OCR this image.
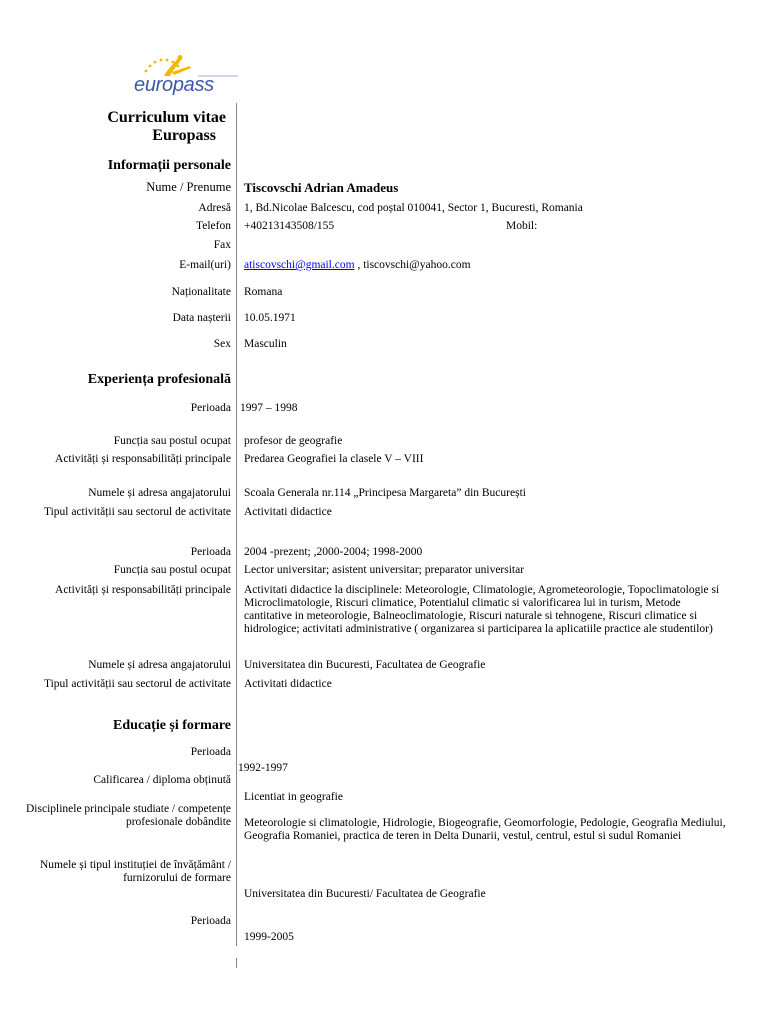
europass
Curriculum vitae
Europass
Informații personale
Nume / Prenume Tiscovschi Adrian Amadeus
Adresă 1, Bd.Nicolae Balcescu, cod poștal 010041, Sector 1, Bucuresti, Romania
Telefon +40213143508/155	Mobil:
Fax
E-mail(uri) atiscovschi@gmail.com , tiscovschi@yahoo.com
Naționalitate Romana
Data nașterii 10.05.1971
Sex Masculin
Experiența profesională
Perioada 1997 – 1998
Funcția sau postul ocupat profesor de geografie
Activități și responsabilități principale Predarea Geografiei la clasele V – VIII
Numele și adresa angajatorului Scoala Generala nr.114 „Principesa Margareta” din București
Tipul activității sau sectorul de activitate Activitati didactice
Perioada 2004 -prezent; ,2000-2004; 1998-2000
Funcția sau postul ocupat Lector universitar; asistent universitar; preparator universitar
Activități și responsabilități principale Activitati didactice la disciplinele: Meteorologie, Climatologie, Agrometeorologie, Topoclimatologie si Microclimatologie, Riscuri climatice, Potentialul climatic si valorificarea lui in turism, Metode cantitative in meteorologie, Balneoclimatologie, Riscuri naturale si tehnogene, Riscuri climatice si hidrologice; activitati administrative ( organizarea si participarea la aplicatiile practice ale studentilor)
Numele și adresa angajatorului Universitatea din Bucuresti, Facultatea de Geografie
Tipul activității sau sectorul de activitate Activitati didactice
Educație și formare
Perioada
1992-1997
Calificarea / diploma obținută
Licentiat in geografie
Disciplinele principale studiate / competențe profesionale dobândite Meteorologie si climatologie, Hidrologie, Biogeografie, Geomorfologie, Pedologie, Geografia Mediului, Geografia Romaniei, practica de teren in Delta Dunarii, vestul, centrul, estul si sudul Romaniei
Numele și tipul instituției de învățământ / furnizorului de formare
Universitatea din Bucuresti/ Facultatea de Geografie
Perioada
1999-2005
